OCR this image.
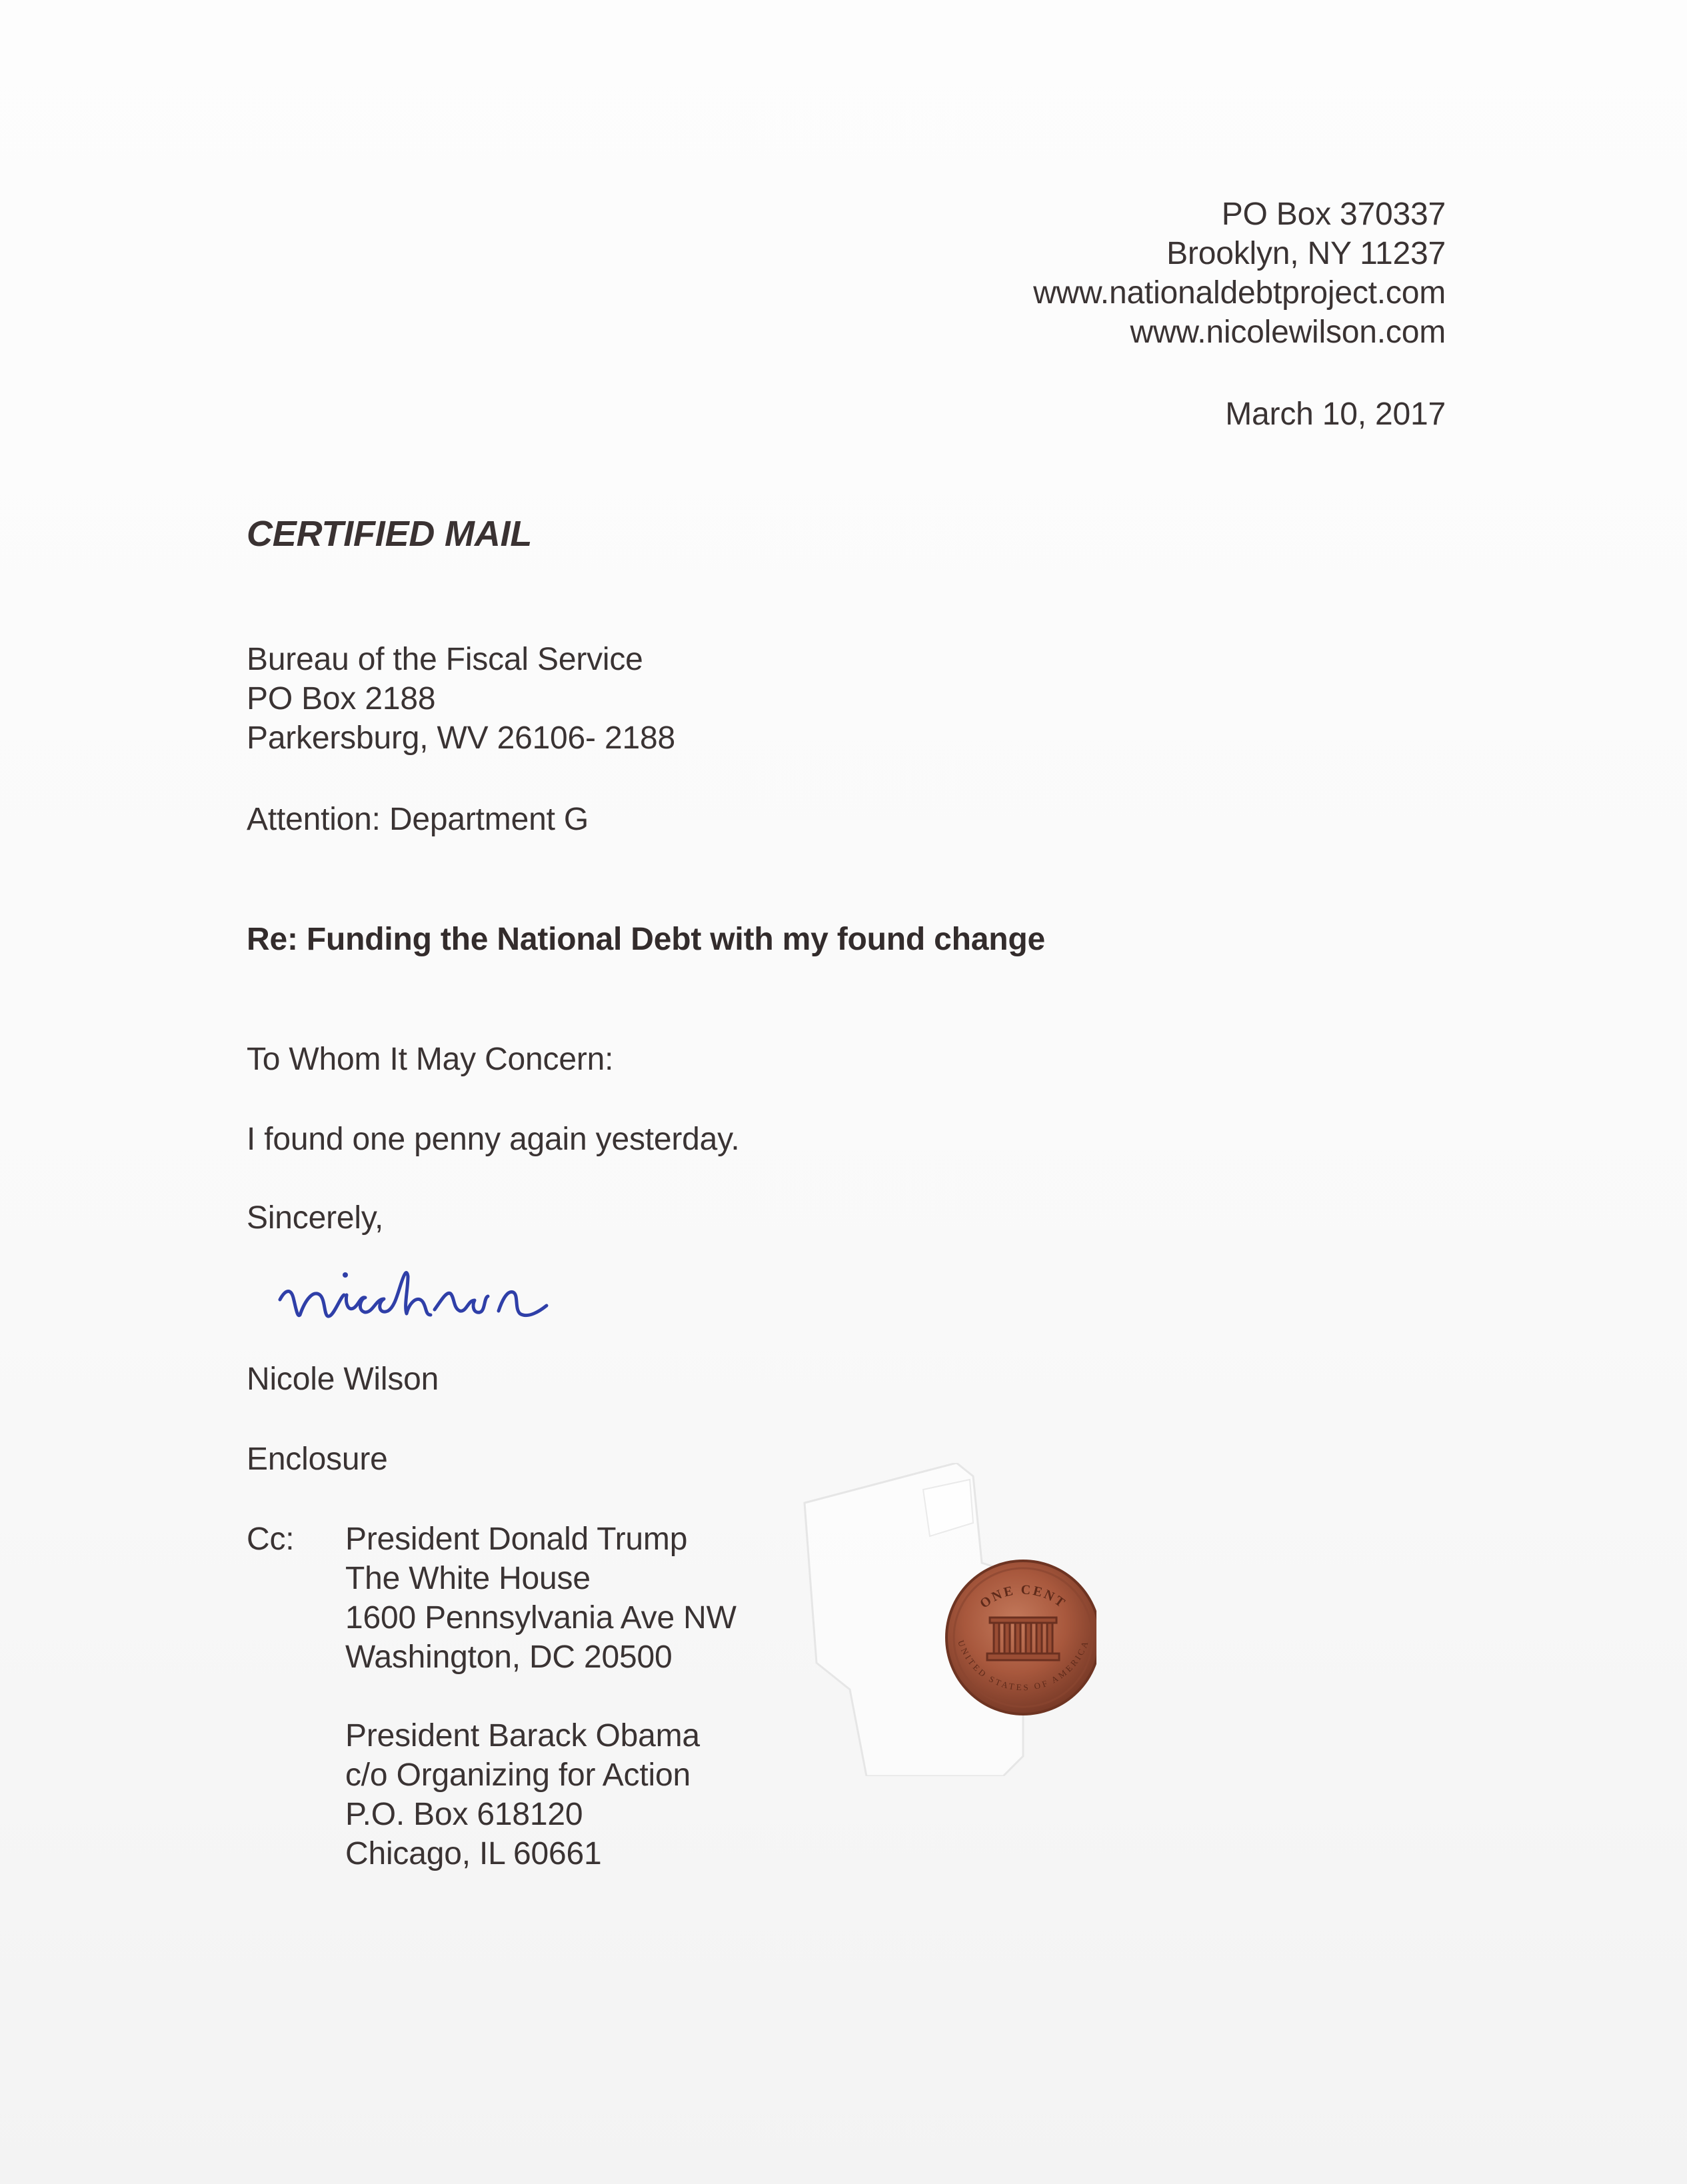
PO Box 370337
Brooklyn, NY 11237
www.nationaldebtproject.com
www.nicolewilson.com
March 10, 2017
CERTIFIED MAIL
Bureau of the Fiscal Service
PO Box 2188
Parkersburg, WV 26106- 2188
Attention: Department G
Re: Funding the National Debt with my found change
To Whom It May Concern:
I found one penny again yesterday.
Sincerely,
Nicole Wilson
Enclosure
Cc: President Donald Trump
The White House
1600 Pennsylvania Ave NW
Washington, DC 20500
President Barack Obama
c/o Organizing for Action
P.O. Box 618120
Chicago, IL 60661
ONE CENT
UNITED STATES OF AMERICA
